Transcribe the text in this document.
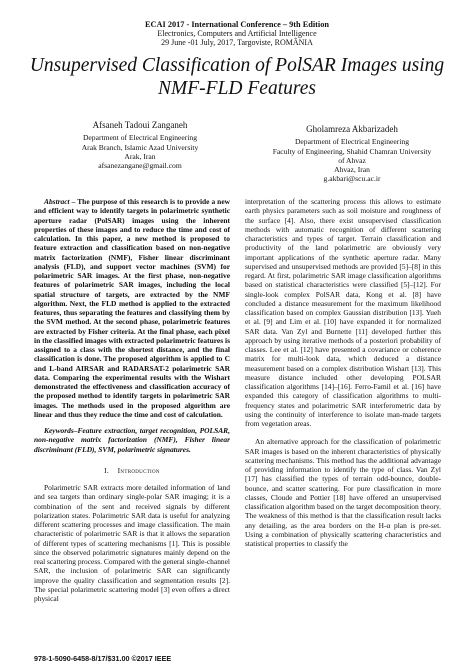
ECAI 2017 - International Conference – 9th Edition
Electronics, Computers and Artificial Intelligence
29 June -01 July, 2017, Targoviste, ROMÂNIA
Unsupervised Classification of PolSAR Images using NMF-FLD Features
Afsaneh Tadoui Zanganeh
Department of Electrical Engineering
Arak Branch, Islamic Azad University
Arak, Iran
afsanezangane@gmail.com
Gholamreza Akbarizadeh
Department of Electrical Engineering
Faculty of Engineering, Shahid Chamran University
of Ahvaz
Ahvaz, Iran
g.akbari@scu.ac.ir

Abstract – The purpose of this research is to provide a new and efficient way to identify targets in polarimetric synthetic aperture radar (PolSAR) images using the inherent properties of these images and to reduce the time and cost of calculation. In this paper, a new method is proposed to feature extraction and classification based on non-negative matrix factorization (NMF), Fisher linear discriminant analysis (FLD), and support vector machines (SVM) for polarimetric SAR images. At the first phase, non-negative features of polarimetric SAR images, including the local spatial structure of targets, are extracted by the NMF algorithm. Next, the FLD method is applied to the extracted features, thus separating the features and classifying them by the SVM method. At the second phase, polarimetric features are extracted by Fisher criteria. At the final phase, each pixel in the classified images with extracted polarimetric features is assigned to a class with the shortest distance, and the final classification is done. The proposed algorithm is applied to C and L-band AIRSAR and RADARSAT-2 polarimetric SAR data. Comparing the experimental results with the Wishart demonstrated the effectiveness and classification accuracy of the proposed method to identify targets in polarimetric SAR images. The methods used in the proposed algorithm are linear and thus they reduce the time and cost of calculation.

Keywords–Feature extraction, target recognition, POLSAR, non-negative matrix factorization (NMF), Fisher linear discriminant (FLD), SVM, polarimetric signatures.

I. Introduction

Polarimetric SAR extracts more detailed information of land and sea targets than ordinary single-polar SAR imaging; it is a combination of the sent and received signals by different polarization states. Polarimetric SAR data is useful for analyzing different scattering processes and image classification. The main characteristic of polarimetric SAR is that it allows the separation of different types of scattering mechanisms [1]. This is possible since the observed polarimetric signatures mainly depend on the real scattering process. Compared with the general single-channel SAR, the inclusion of polarimetric SAR can significantly improve the quality classification and segmentation results [2]. The special polarimetric scattering model [3] even offers a direct physical

interpretation of the scattering process this allows to estimate earth physics parameters such as soil moisture and roughness of the surface [4]. Also, there exist unsupervised classification methods with automatic recognition of different scattering characteristics and types of target. Terrain classification and productivity of the land polarimetric are obviously very important applications of the synthetic aperture radar. Many supervised and unsupervised methods are provided [5]–[8] in this regard. At first, polarimetric SAR image classification algorithms based on statistical characteristics were classified [5]–[12]. For single-look complex PolSAR data, Kong et al. [8] have concluded a distance measurement for the maximum likelihood classification based on complex Gaussian distribution [13]. Yueh et al. [9] and Lim et al. [10] have expanded it for normalized SAR data. Van Zyl and Burnette [11] developed further this approach by using iterative methods of a posteriori probability of classes. Lee et al. [12] have presented a covariance or coherence matrix for multi-look data, which deduced a distance measurement based on a complex distribution Wishart [13]. This measure distance included other developing POLSAR classification algorithms [14]–[16]. Ferro-Famil et al. [16] have expanded this category of classification algorithms to multi-frequency states and polarimetric SAR interferometric data by using the continuity of interference to isolate man-made targets from vegetation areas.

An alternative approach for the classification of polarimetric SAR images is based on the inherent characteristics of physically scattering mechanisms. This method has the additional advantage of providing information to identify the type of class. Van Zyl [17] has classified the types of terrain odd-bounce, double-bounce, and scatter scattering. For pure classification in more classes, Cloude and Pottier [18] have offered an unsupervised classification algorithm based on the target decomposition theory. The weakness of this method is that the classification result lacks any detailing, as the area borders on the H-α plan is pre-set. Using a combination of physically scattering characteristics and statistical properties to classify the

978-1-5090-6458-8/17/$31.00 ©2017 IEEE
